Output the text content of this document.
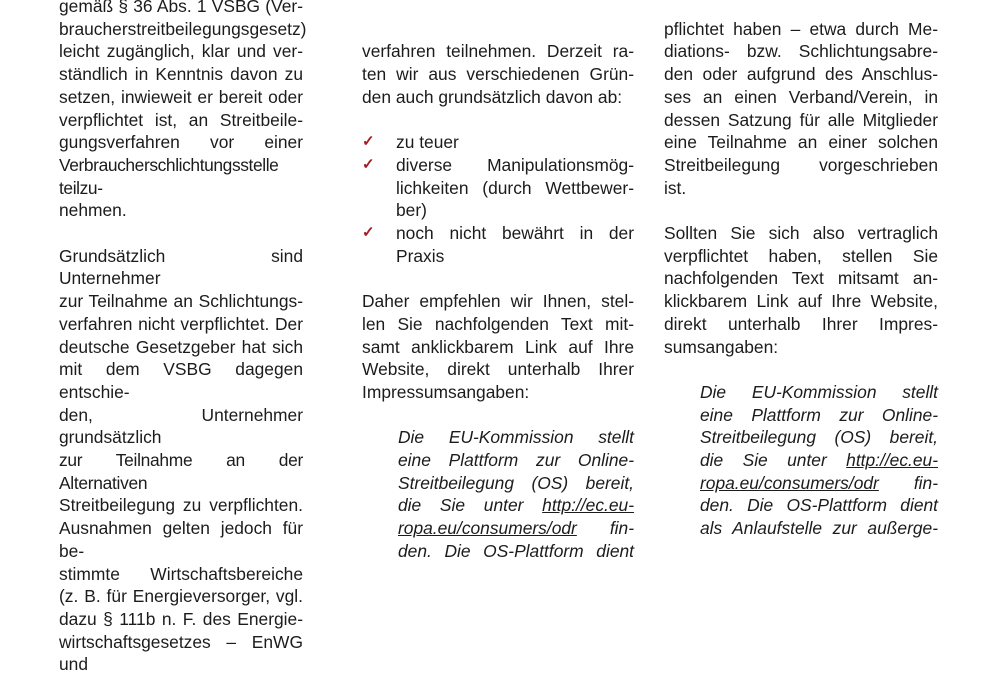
gemäß § 36 Abs. 1 VSBG (Ver-
braucherstreitbeilegungsgesetz)
leicht zugänglich, klar und ver-
ständlich in Kenntnis davon zu
setzen, inwieweit er bereit oder
verpflichtet ist, an Streitbeile-
gungsverfahren vor einer
Verbraucherschlichtungsstelle teilzu-
nehmen.
Grundsätzlich sind Unternehmer
zur Teilnahme an Schlichtungs-
verfahren nicht verpflichtet. Der
deutsche Gesetzgeber hat sich
mit dem VSBG dagegen entschie-
den, Unternehmer grundsätzlich
zur Teilnahme an der Alternativen
Streitbeilegung zu verpflichten.
Ausnahmen gelten jedoch für be-
stimmte Wirtschaftsbereiche
(z. B. für Energieversorger, vgl.
dazu § 111b n. F. des Energie-
wirtschaftsgesetzes – EnWG und
verfahren teilnehmen. Derzeit ra-
ten wir aus verschiedenen Grün-
den auch grundsätzlich davon ab:
✓ zu teuer
✓ diverse Manipulationsmög-
lichkeiten (durch Wettbewer-
ber)
✓ noch nicht bewährt in der
Praxis
Daher empfehlen wir Ihnen, stel-
len Sie nachfolgenden Text mit-
samt anklickbarem Link auf Ihre
Website, direkt unterhalb Ihrer
Impressumsangaben:
Die EU-Kommission stellt
eine Plattform zur Online-
Streitbeilegung (OS) bereit,
die Sie unter http://ec.eu-
ropa.eu/consumers/odr fin-
den. Die OS-Plattform dient
pflichtet haben – etwa durch Me-
diations- bzw. Schlichtungsabre-
den oder aufgrund des Anschlus-
ses an einen Verband/Verein, in
dessen Satzung für alle Mitglieder
eine Teilnahme an einer solchen
Streitbeilegung vorgeschrieben
ist.
Sollten Sie sich also vertraglich
verpflichtet haben, stellen Sie
nachfolgenden Text mitsamt an-
klickbarem Link auf Ihre Website,
direkt unterhalb Ihrer Impres-
sumsangaben:
Die EU-Kommission stellt
eine Plattform zur Online-
Streitbeilegung (OS) bereit,
die Sie unter http://ec.eu-
ropa.eu/consumers/odr fin-
den. Die OS-Plattform dient
als Anlaufstelle zur außerge-
